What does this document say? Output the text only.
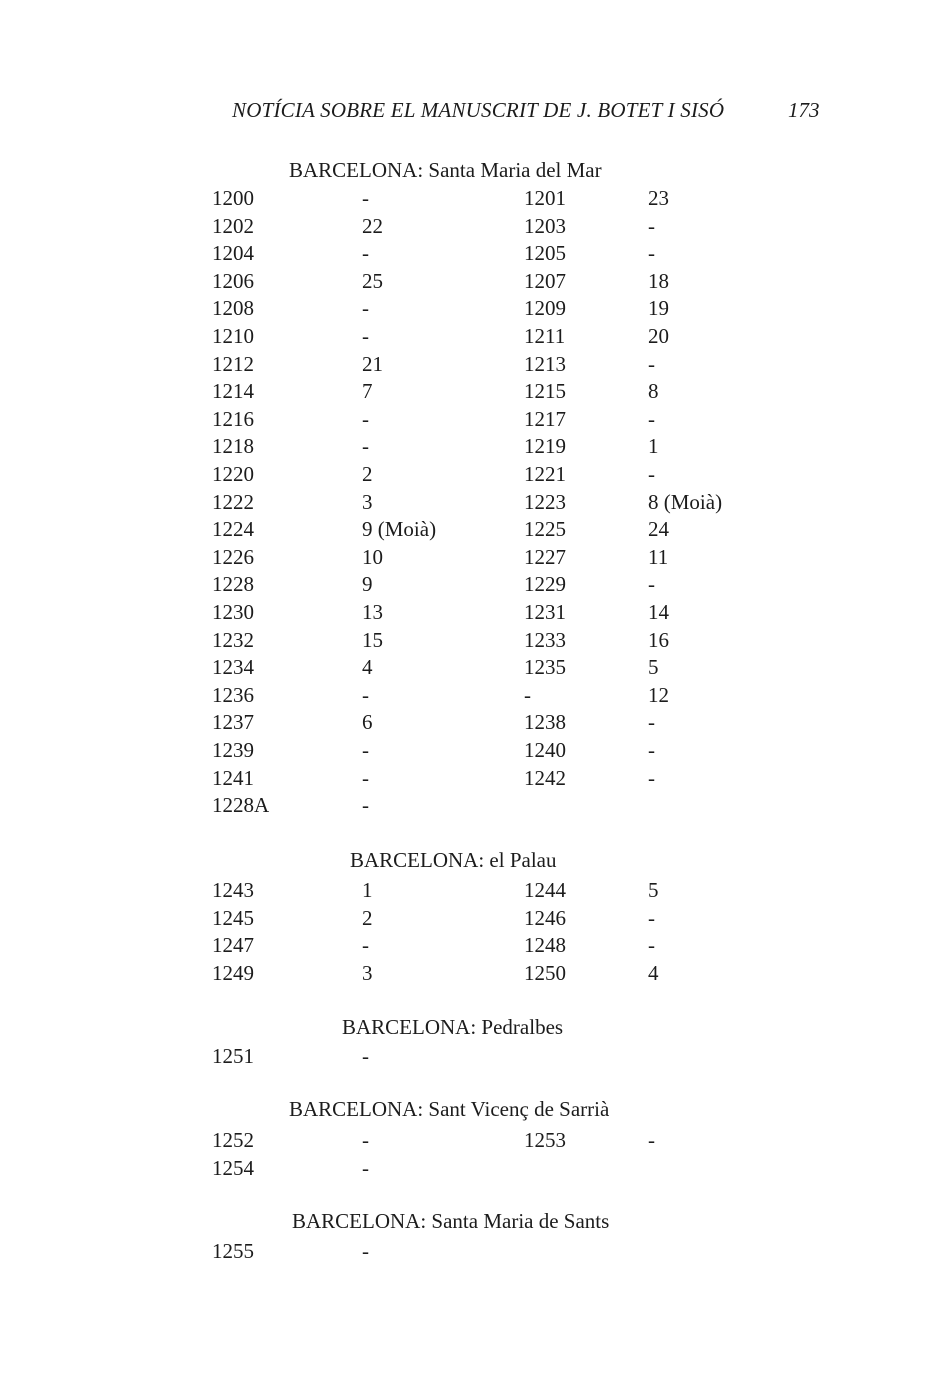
NOTÍCIA SOBRE EL MANUSCRIT DE J. BOTET I SISÓ	173
BARCELONA: Santa Maria del Mar
1200	-	1201	23
1202	22	1203	-
1204	-	1205	-
1206	25	1207	18
1208	-	1209	19
1210	-	1211	20
1212	21	1213	-
1214	7	1215	8
1216	-	1217	-
1218	-	1219	1
1220	2	1221	-
1222	3	1223	8 (Moià)
1224	9 (Moià)	1225	24
1226	10	1227	11
1228	9	1229	-
1230	13	1231	14
1232	15	1233	16
1234	4	1235	5
1236	-	-	12
1237	6	1238	-
1239	-	1240	-
1241	-	1242	-
1228A	-
BARCELONA: el Palau
1243	1	1244	5
1245	2	1246	-
1247	-	1248	-
1249	3	1250	4
BARCELONA: Pedralbes
1251	-
BARCELONA: Sant Vicenç de Sarrià
1252	-	1253	-
1254	-
BARCELONA: Santa Maria de Sants
1255	-
